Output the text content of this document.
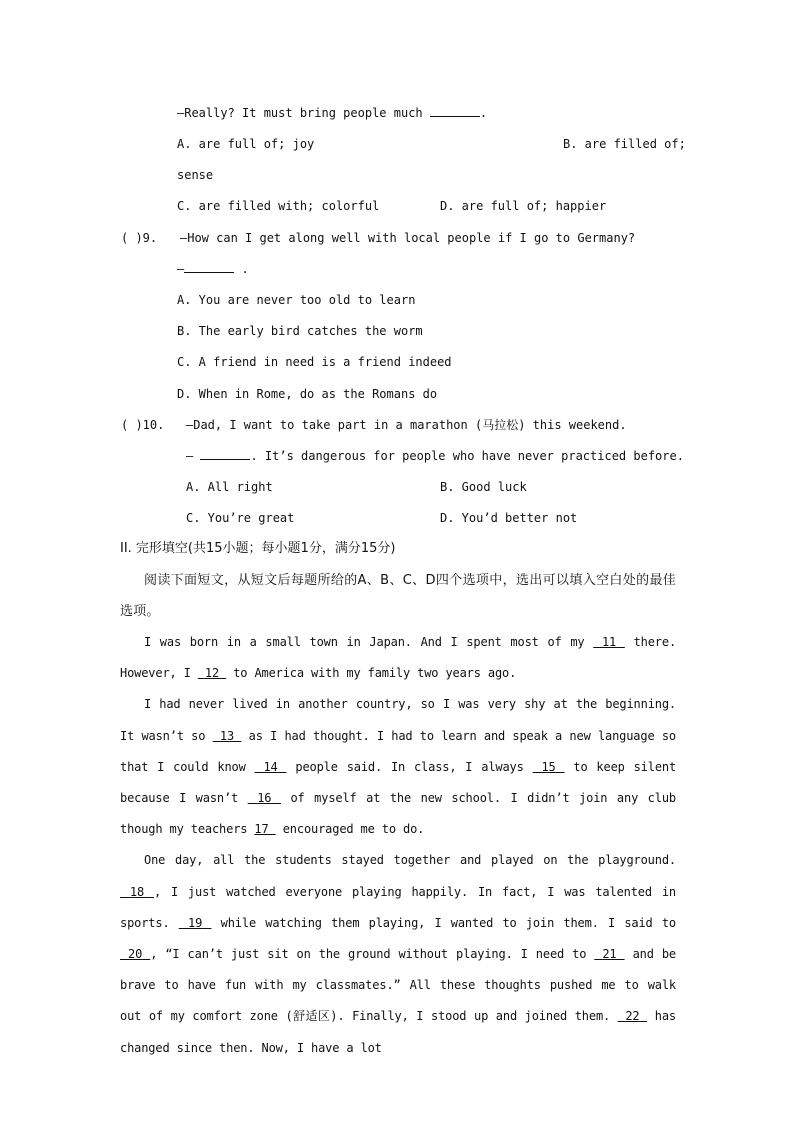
—Really? It must bring people much	.
A. are full of; joy	B. are filled of;
sense
C. are filled with; colorful	D. are full of; happier
( )9. —How can I get along well with local people if I go to Germany?
—	.
A. You are never too old to learn
B. The early bird catches the worm
C. A friend in need is a friend indeed
D. When in Rome, do as the Romans do
( )10. —Dad, I want to take part in a marathon (马拉松) this weekend.
—	. It’s dangerous for people who have never practiced before.
A. All right	B. Good luck
C. You’re great	D. You’d better not
II. 完形填空(共15小题；每小题1分，满分15分)

阅读下面短文，从短文后每题所给的A、B、C、D四个选项中，选出可以填入空白处的最佳选项。

I was born in a small town in Japan. And I spent most of my  11  there. However, I  12  to America with my family two years ago.

I had never lived in another country, so I was very shy at the beginning. It wasn’t so  13  as I had thought. I had to learn and speak a new language so that I could know  14  people said. In class, I always  15  to keep silent because I wasn’t  16  of myself at the new school. I didn’t join any club though my teachers 17  encouraged me to do.

One day, all the students stayed together and played on the playground.  18 , I just watched everyone playing happily. In fact, I was talented in sports.  19  while watching them playing, I wanted to join them. I said to  20 , “I can’t just sit on the ground without playing. I need to  21  and be brave to have fun with my classmates.” All these thoughts pushed me to walk out of my comfort zone (舒适区). Finally, I stood up and joined them.  22  has changed since then. Now, I have a lot
